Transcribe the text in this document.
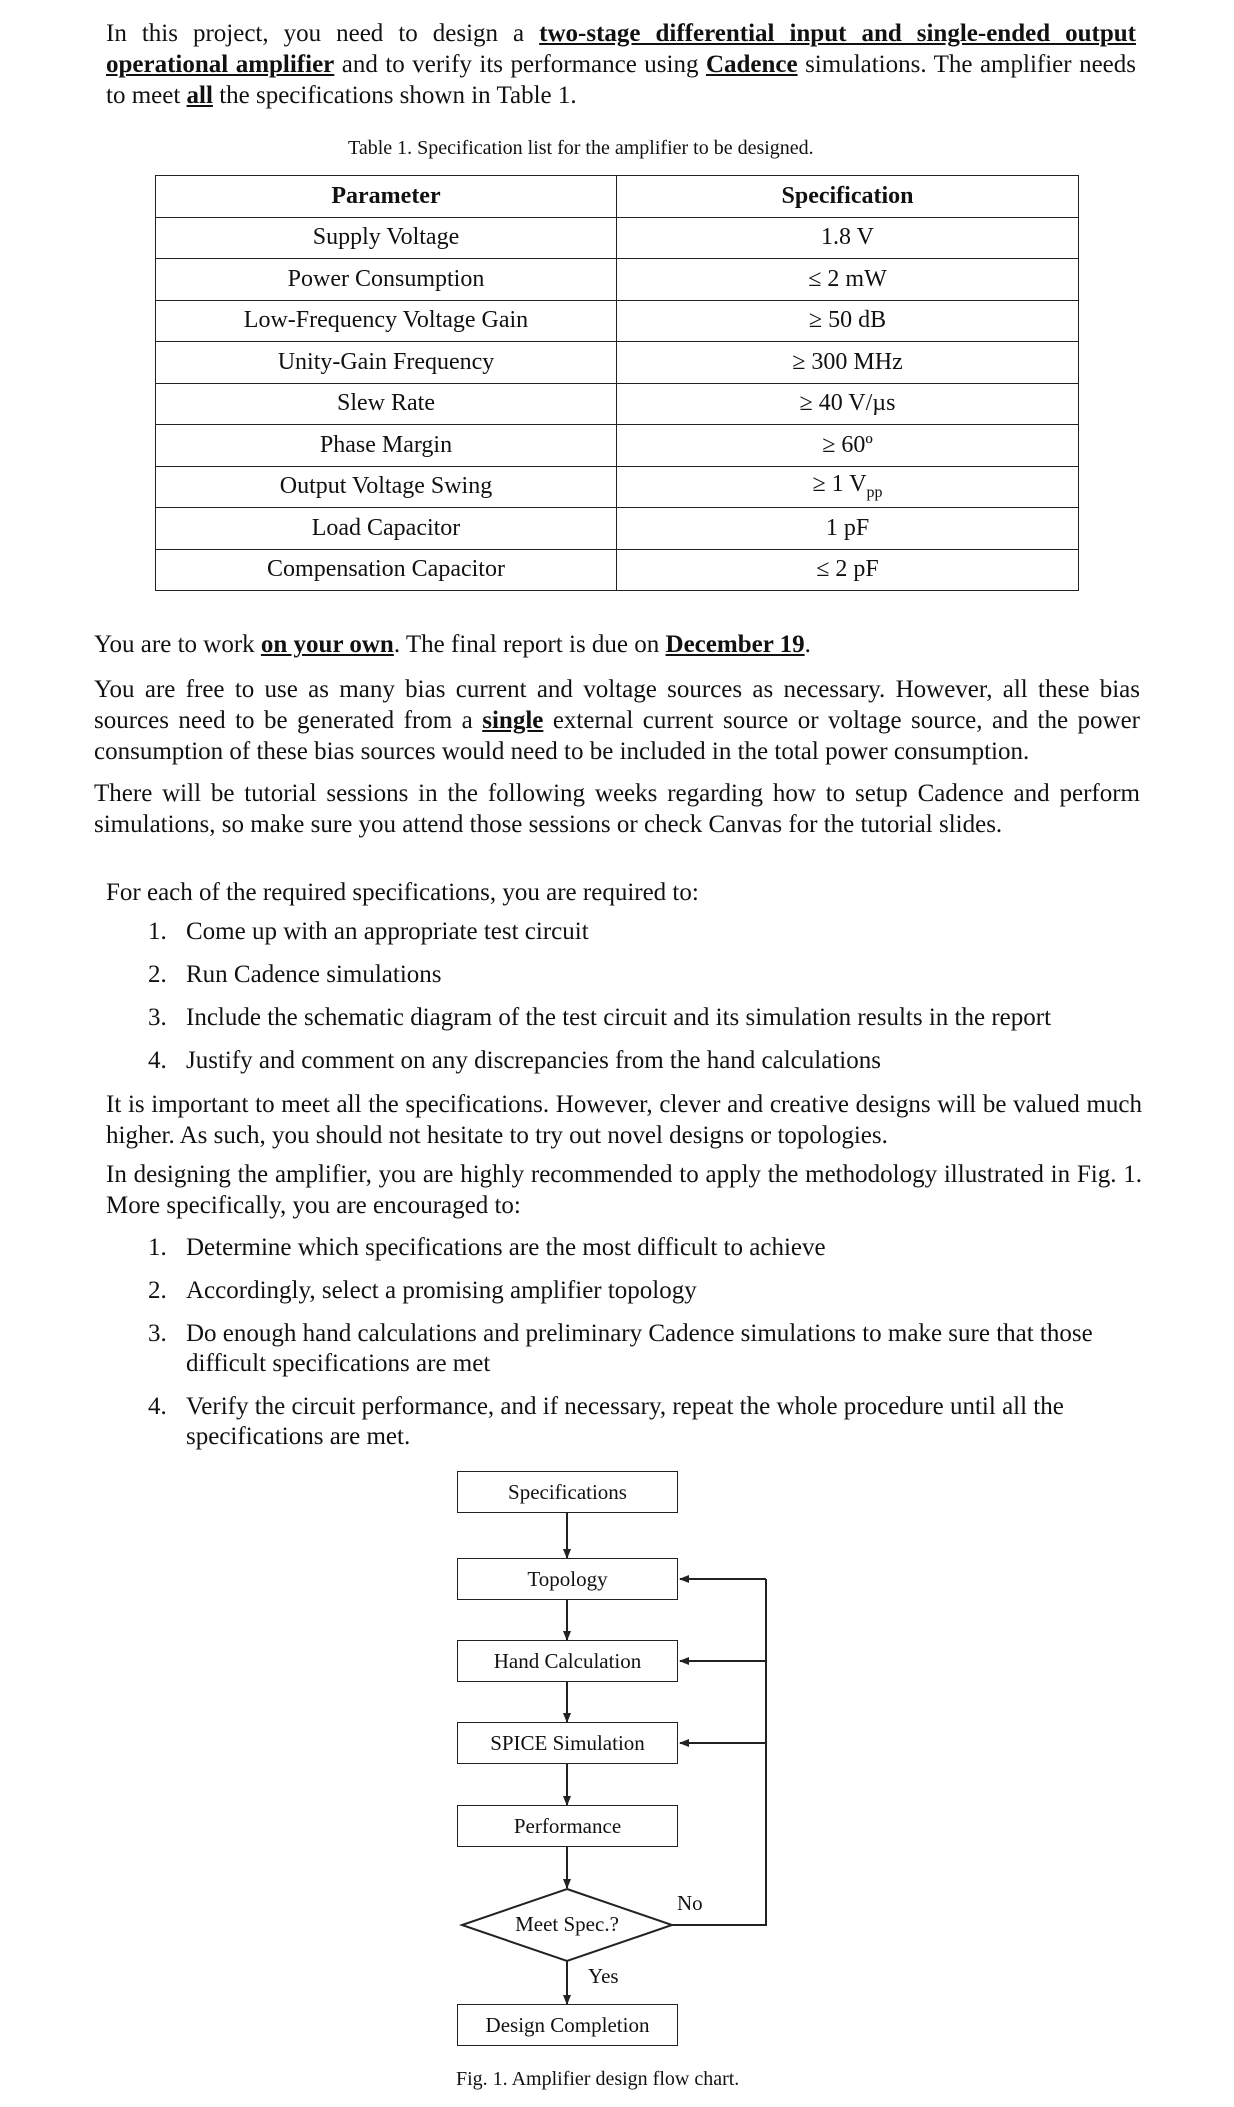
In this project, you need to design a two-stage differential input and single-ended output operational amplifier and to verify its performance using Cadence simulations. The amplifier needs to meet all the specifications shown in Table 1.
Table 1. Specification list for the amplifier to be designed.
Parameter	Specification
Supply Voltage	1.8 V
Power Consumption	≤ 2 mW
Low-Frequency Voltage Gain	≥ 50 dB
Unity-Gain Frequency	≥ 300 MHz
Slew Rate	≥ 40 V/µs
Phase Margin	≥ 60º
Output Voltage Swing	≥ 1 $V_{pp}$
Load Capacitor	1 pF
Compensation Capacitor	≤ 2 pF
You are to work on your own. The final report is due on December 19.
You are free to use as many bias current and voltage sources as necessary. However, all these bias sources need to be generated from a single external current source or voltage source, and the power consumption of these bias sources would need to be included in the total power consumption.
There will be tutorial sessions in the following weeks regarding how to setup Cadence and perform simulations, so make sure you attend those sessions or check Canvas for the tutorial slides.
For each of the required specifications, you are required to:
1. Come up with an appropriate test circuit
2. Run Cadence simulations
3. Include the schematic diagram of the test circuit and its simulation results in the report
4. Justify and comment on any discrepancies from the hand calculations
It is important to meet all the specifications. However, clever and creative designs will be valued much higher. As such, you should not hesitate to try out novel designs or topologies.
In designing the amplifier, you are highly recommended to apply the methodology illustrated in Fig. 1. More specifically, you are encouraged to:
1. Determine which specifications are the most difficult to achieve
2. Accordingly, select a promising amplifier topology
3. Do enough hand calculations and preliminary Cadence simulations to make sure that those difficult specifications are met
4. Verify the circuit performance, and if necessary, repeat the whole procedure until all the specifications are met.
Specifications
Topology
Hand Calculation
SPICE Simulation
Performance
Meet Spec.?
No
Yes
Design Completion
Fig. 1. Amplifier design flow chart.
